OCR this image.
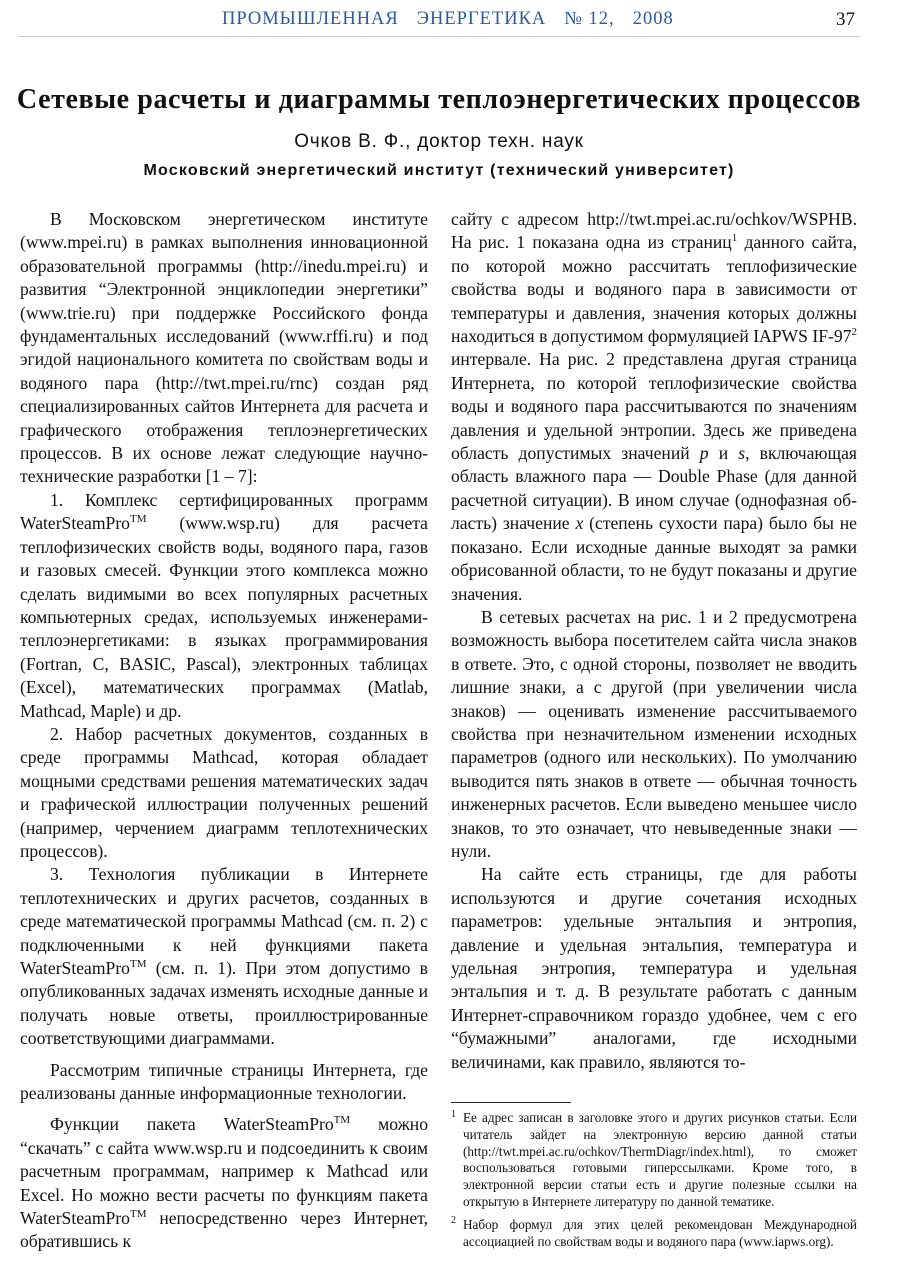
ПРОМЫШЛЕННАЯ ЭНЕРГЕТИКА № 12, 2008	37
Сетевые расчеты и диаграммы теплоэнергетических процессов
Очков В. Ф., доктор техн. наук
Московский энергетический институт (технический университет)

В Московском энергетическом институте (www.mpei.ru) в рамках выполнения инновационной образовательной программы (http://inedu.mpei.ru) и развития “Электронной энциклопедии энергетики” (www.trie.ru) при поддержке Российского фонда фундаментальных исследований (www.rffi.ru) и под эгидой национального комитета по свойствам воды и водяного пара (http://twt.mpei.ru/rnc) создан ряд специализированных сайтов Интернета для расчета и графического отображения теплоэнергетических процессов. В их основе лежат следующие научно-технические разработки [1 – 7]:

1. Комплекс сертифицированных программ WaterSteamPro™ (www.wsp.ru) для расчета теплофизических свойств воды, водяного пара, газов и газовых смесей. Функции этого комплекса можно сделать видимыми во всех популярных расчетных компьютерных средах, используемых инженерами-теплоэнергетиками: в языках программирования (Fortran, C, BASIC, Pascal), электронных таблицах (Excel), математических программах (Matlab, Mathcad, Maple) и др.

2. Набор расчетных документов, созданных в среде программы Mathcad, которая обладает мощными средствами решения математических задач и графической иллюстрации полученных решений (например, черчением диаграмм теплотехнических процессов).

3. Технология публикации в Интернете теплотехнических и других расчетов, созданных в среде математической программы Mathcad (см. п. 2) с подключенными к ней функциями пакета WaterSteamPro™ (см. п. 1). При этом допустимо в опубликованных задачах изменять исходные данные и получать новые ответы, проиллюстрированные соответствующими диаграммами.

Рассмотрим типичные страницы Интернета, где реализованы данные информационные технологии.

Функции пакета WaterSteamPro™ можно “скачать” с сайта www.wsp.ru и подсоединить к своим расчетным программам, например к Mathcad или Excel. Но можно вести расчеты по функциям пакета WaterSteamPro™ непосредственно через Интернет, обратившись к

сайту с адресом http://twt.mpei.ac.ru/ochkov/WSPHB. На рис. 1 показана одна из страниц$^1$ данного сайта, по которой можно рассчитать теплофизические свойства воды и водяного пара в зависимости от температуры и давления, значения которых должны находиться в допустимом формуляцией IAPWS $IF-97^2$ интервале. На рис. 2 представлена другая страница Интернета, по которой теплофизические свойства воды и водяного пара рассчитываются по значениям давления и удельной энтропии. Здесь же приведена область допустимых значений p и s, включающая область влажного пара — Double Phase (для данной расчетной ситуации). В ином случае (однофазная область) значение x (степень сухости пара) было бы не показано. Если исходные данные выходят за рамки обрисованной области, то не будут показаны и другие значения.

В сетевых расчетах на рис. 1 и 2 предусмотрена возможность выбора посетителем сайта числа знаков в ответе. Это, с одной стороны, позволяет не вводить лишние знаки, а с другой (при увеличении числа знаков) — оценивать изменение рассчитываемого свойства при незначительном изменении исходных параметров (одного или нескольких). По умолчанию выводится пять знаков в ответе — обычная точность инженерных расчетов. Если выведено меньшее число знаков, то это означает, что невыведенные знаки — нули.

На сайте есть страницы, где для работы используются и другие сочетания исходных параметров: удельные энтальпия и энтропия, давление и удельная энтальпия, температура и удельная энтропия, температура и удельная энтальпия и т. д. В результате работать с данным Интернет-справочником гораздо удобнее, чем с его “бумажными” аналогами, где исходными величинами, как правило, являются то-

1 Ее адрес записан в заголовке этого и других рисунков статьи. Если читатель зайдет на электронную версию данной статьи (http://twt.mpei.ac.ru/ochkov/ThermDiagr/index.html), то сможет воспользоваться готовыми гиперссылками. Кроме того, в электронной версии статьи есть и другие полезные ссылки на открытую в Интернете литературу по данной тематике.

2 Набор формул для этих целей рекомендован Международной ассоциацией по свойствам воды и водяного пара (www.iapws.org).
